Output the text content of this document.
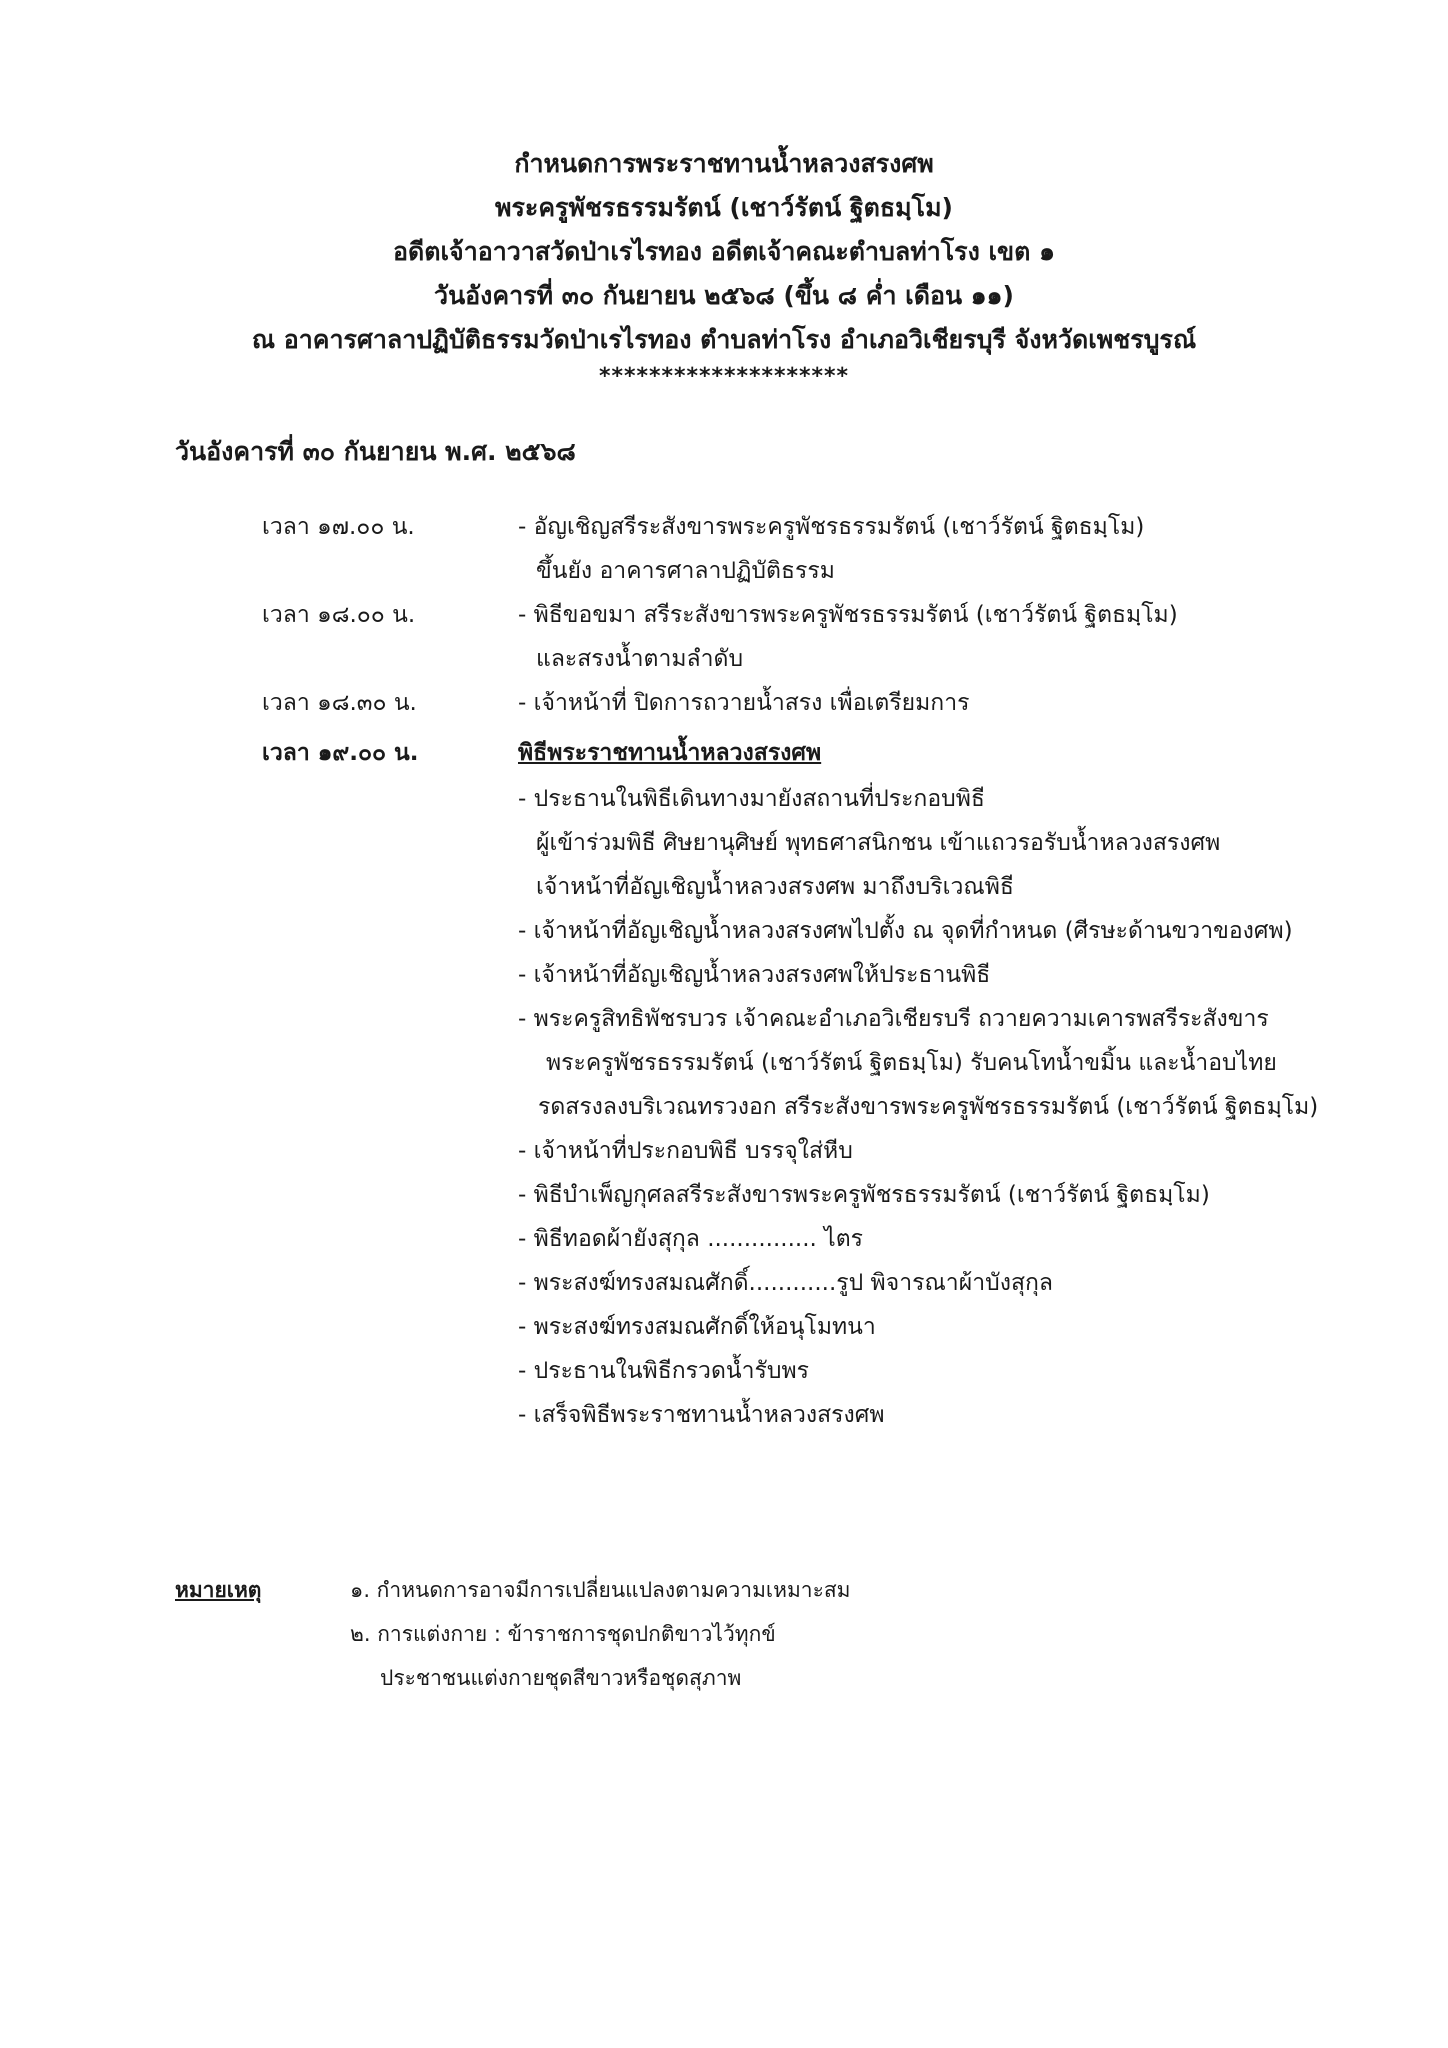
กำหนดการพระราชทานน้ำหลวงสรงศพ
พระครูพัชรธรรมรัตน์ (เชาว์รัตน์ ฐิตธมฺโม)
อดีตเจ้าอาวาสวัดป่าเรไรทอง อดีตเจ้าคณะตำบลท่าโรง เขต ๑
วันอังคารที่ ๓๐ กันยายน ๒๕๖๘ (ขึ้น ๘ ค่ำ เดือน ๑๑)
ณ อาคารศาลาปฏิบัติธรรมวัดป่าเรไรทอง ตำบลท่าโรง อำเภอวิเชียรบุรี จังหวัดเพชรบูรณ์
********************
วันอังคารที่ ๓๐ กันยายน พ.ศ. ๒๕๖๘
เวลา ๑๗.๐๐ น.	- อัญเชิญสรีระสังขารพระครูพัชรธรรมรัตน์ (เชาว์รัตน์ ฐิตธมฺโม)
ขึ้นยัง อาคารศาลาปฏิบัติธรรม
เวลา ๑๘.๐๐ น.	- พิธีขอขมา สรีระสังขารพระครูพัชรธรรมรัตน์ (เชาว์รัตน์ ฐิตธมฺโม)
และสรงน้ำตามลำดับ
เวลา ๑๘.๓๐ น.	- เจ้าหน้าที่ ปิดการถวายน้ำสรง เพื่อเตรียมการ
เวลา ๑๙.๐๐ น.	พิธีพระราชทานน้ำหลวงสรงศพ
- ประธานในพิธีเดินทางมายังสถานที่ประกอบพิธี
ผู้เข้าร่วมพิธี ศิษยานุศิษย์ พุทธศาสนิกชน เข้าแถวรอรับน้ำหลวงสรงศพ
เจ้าหน้าที่อัญเชิญน้ำหลวงสรงศพ มาถึงบริเวณพิธี
- เจ้าหน้าที่อัญเชิญน้ำหลวงสรงศพไปตั้ง ณ จุดที่กำหนด (ศีรษะด้านขวาของศพ)
- เจ้าหน้าที่อัญเชิญน้ำหลวงสรงศพให้ประธานพิธี
- พระครูสิทธิพัชรบวร เจ้าคณะอำเภอวิเชียรบรี ถวายความเคารพสรีระสังขาร
พระครูพัชรธรรมรัตน์ (เชาว์รัตน์ ฐิตธมฺโม) รับคนโทน้ำขมิ้น และน้ำอบไทย
รดสรงลงบริเวณทรวงอก สรีระสังขารพระครูพัชรธรรมรัตน์ (เชาว์รัตน์ ฐิตธมฺโม)
- เจ้าหน้าที่ประกอบพิธี บรรจุใส่หีบ
- พิธีบำเพ็ญกุศลสรีระสังขารพระครูพัชรธรรมรัตน์ (เชาว์รัตน์ ฐิตธมฺโม)
- พิธีทอดผ้ายังสุกุล ............... ไตร
- พระสงฆ์ทรงสมณศักดิ์............รูป พิจารณาผ้าบังสุกุล
- พระสงฆ์ทรงสมณศักดิ์ให้อนุโมทนา
- ประธานในพิธีกรวดน้ำรับพร
- เสร็จพิธีพระราชทานน้ำหลวงสรงศพ
หมายเหตุ	๑. กำหนดการอาจมีการเปลี่ยนแปลงตามความเหมาะสม
๒. การแต่งกาย : ข้าราชการชุดปกติขาวไว้ทุกข์
ประชาชนแต่งกายชุดสีขาวหรือชุดสุภาพ
